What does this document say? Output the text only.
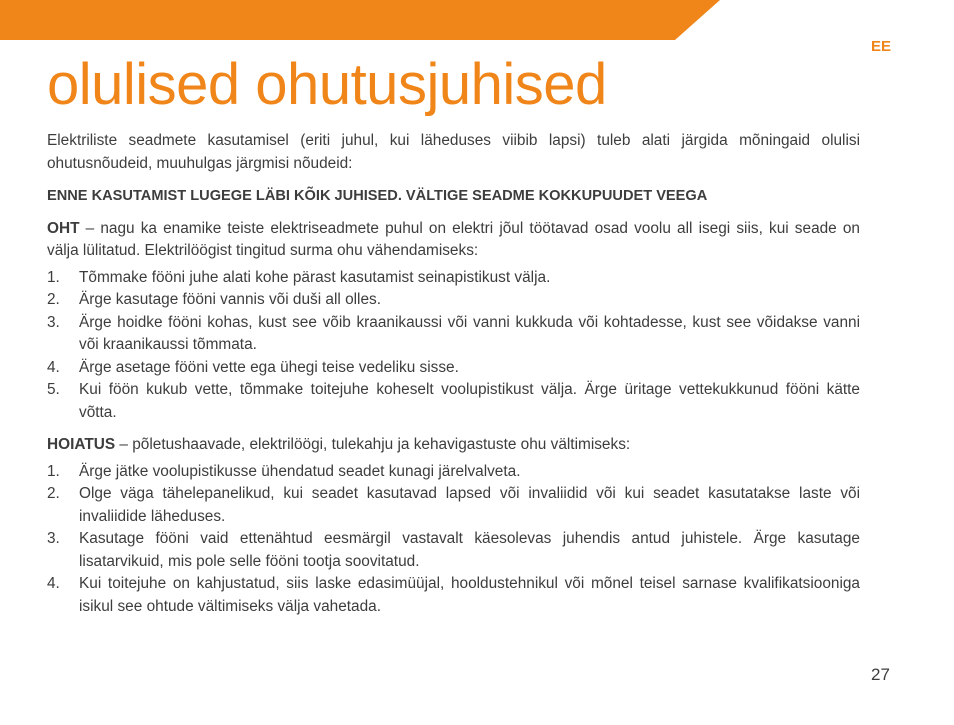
EE
olulised ohutusjuhised

Elektriliste seadmete kasutamisel (eriti juhul, kui läheduses viibib lapsi) tuleb alati järgida mõningaid olulisi ohutusnõudeid, muuhulgas järgmisi nõudeid:

ENNE KASUTAMIST LUGEGE LÄBI KÕIK JUHISED. VÄLTIGE SEADME KOKKUPUUDET VEEGA

OHT – nagu ka enamike teiste elektriseadmete puhul on elektri jõul töötavad osad voolu all isegi siis, kui seade on välja lülitatud. Elektrilöögist tingitud surma ohu vähendamiseks:

1.	Tõmmake fööni juhe alati kohe pärast kasutamist seinapistikust välja.
2.	Ärge kasutage fööni vannis või duši all olles.
3.	Ärge hoidke fööni kohas, kust see võib kraanikaussi või vanni kukkuda või kohtadesse, kust see võidakse vanni või kraanikaussi tõmmata.
4.	Ärge asetage fööni vette ega ühegi teise vedeliku sisse.
5.	Kui föön kukub vette, tõmmake toitejuhe koheselt voolupistikust välja. Ärge üritage vettekukkunud fööni kätte võtta.

HOIATUS – põletushaavade, elektrilöögi, tulekahju ja kehavigastuste ohu vältimiseks:

1.	Ärge jätke voolupistikusse ühendatud seadet kunagi järelvalveta.
2.	Olge väga tähelepanelikud, kui seadet kasutavad lapsed või invaliidid või kui seadet kasutatakse laste või invaliidide läheduses.
3.	Kasutage fööni vaid ettenähtud eesmärgil vastavalt käesolevas juhendis antud juhistele. Ärge kasutage lisatarvikuid, mis pole selle fööni tootja soovitatud.
4.	Kui toitejuhe on kahjustatud, siis laske edasimüüjal, hooldustehnikul või mõnel teisel sarnase kvalifikatsiooniga isikul see ohtude vältimiseks välja vahetada.
27
